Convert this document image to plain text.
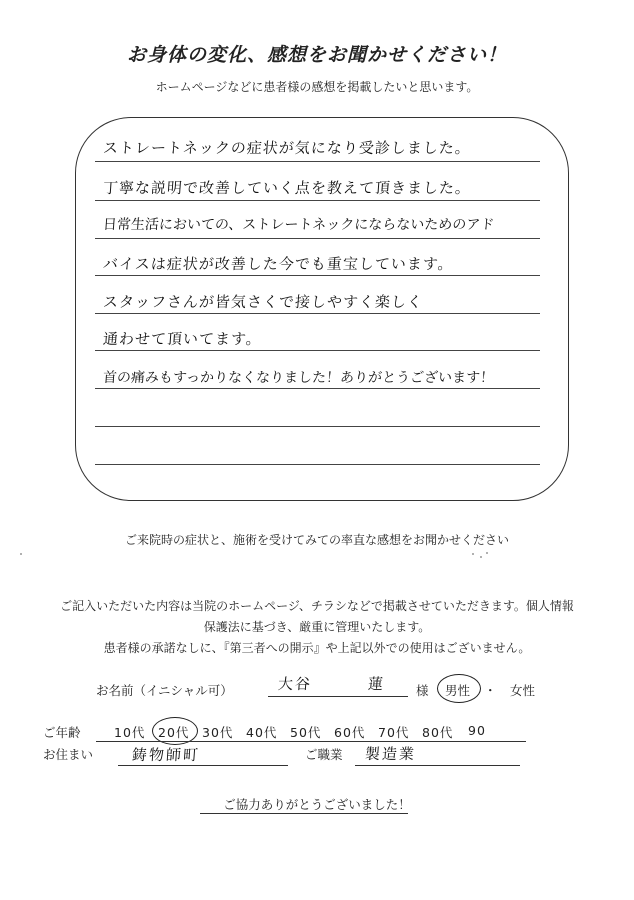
お身体の変化、感想をお聞かせください！
ホームページなどに患者様の感想を掲載したいと思います。
ストレートネックの症状が気になり受診しました。
丁寧な説明で改善していく点を教えて頂きました。
日常生活においての、ストレートネックにならないためのアド
バイスは症状が改善した今でも重宝しています。
スタッフさんが皆気さくで接しやすく楽しく
通わせて頂いてます。
首の痛みもすっかりなくなりました！ありがとうございます！
ご来院時の症状と、施術を受けてみての率直な感想をお聞かせください
ご記入いただいた内容は当院のホームページ、チラシなどで掲載させていただきます。個人情報
保護法に基づき、厳重に管理いたします。
患者様の承諾なしに、『第三者への開示』や上記以外での使用はございません。
お名前（イニシャル可）	大谷	蓮 様 男性 ・ 女性
ご年齢	10代 20代 30代 40代 50代 60代 70代 80代 90
お住まい	鋳物師町	ご職業 製造業
ご協力ありがとうございました！
